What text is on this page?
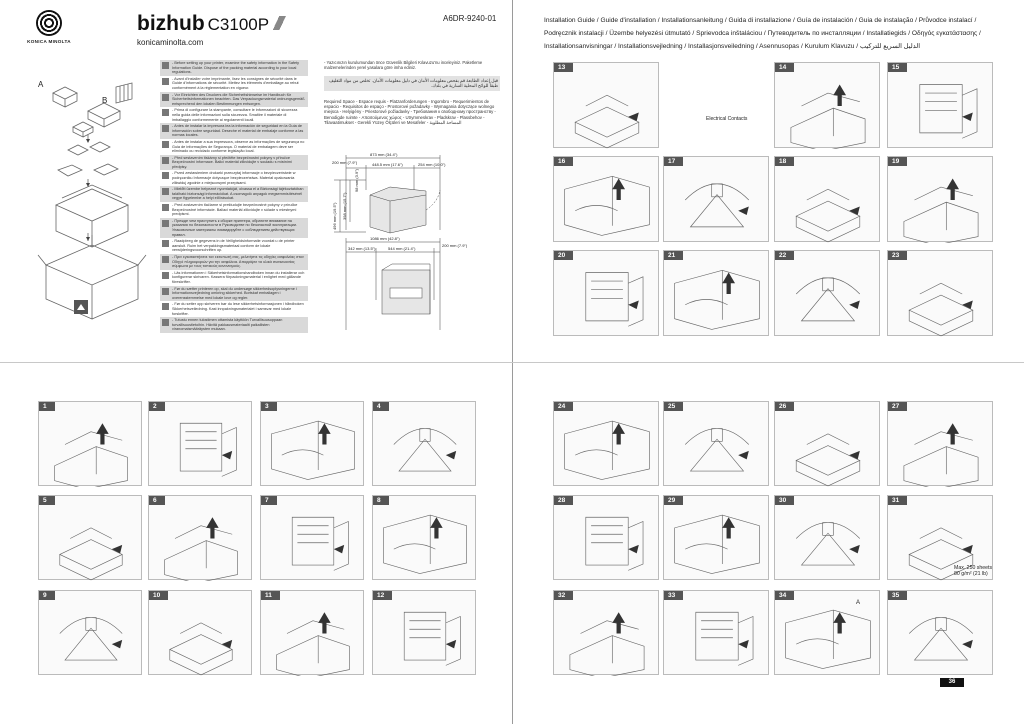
KONICA MINOLTA
bizhub C3100P
konicaminolta.com
A6DR-9240-01	Installation Guide / Guide d'installation / Installationsanleitung / Guida di installazione / Guía de instalación / Guia de instalação / Průvodce instalací /
Podręcznik instalacji / Üzembe helyezési útmutató / Sprievodca inštaláciou / Путеводитель по инсталляции / Installatiegids / Οδηγός εγκατάστασης /
Installationsanvisningar / Installationsvejledning / Installasjonsveiledning / Asennusopas / Kurulum Klavuzu / الدليل السريع للتركيب
A
B
- Before setting up your printer, examine the safety information in the Safety Information Guide. Dispose of the packing material according to your local regulations.
- Avant d'installer votre imprimante, lisez les consignes de sécurité dans le Guide d'informations de sécurité. Mettez les éléments d'emballage au rebut conformément à la réglementation en vigueur.
- Vor Einrichten des Druckers die Sicherheitshinweise im Handbuch für Sicherheitsinformationen beachten. Das Verpackungsmaterial ordnungsgemäß entsprechend den lokalen Bestimmungen entsorgen.
- Prima di configurare la stampante, consultare le informazioni di sicurezza nella guida delle informazioni sulla sicurezza. Smaltire il materiale di imballaggio conformemente ai regolamenti locali.
- Antes de instalar la impresora lea la información de seguridad en la Guía de información sobre seguridad. Deseche el material de embalaje conforme a las normas locales.
- Antes de instalar a sua impressora, observe as informações de segurança no Guia de informações de Segurança. O material de embalagem deve ser eliminado ou reciclado conforme legislação local.
- Před sestavením tiskárny si přečtěte bezpečnostní pokyny v příručce Bezpečnostní informace. Balicí materiál zlikvidujte v souladu s místními předpisy.
- Przed zestawieniem drukarki przeczytaj informacje o bezpieczeństwie w podręczniku Informacje dotyczące bezpieczeństwa. Materiał opakowania zlikwiduj zgodnie z miejscowymi przepisami.
- Mielőtt üzembe helyezné nyomtatóját, olvassa el a Biztonsági tájékoztatóban található biztonsági információkat. A csomagoló anyagok megsemmisítésénél vegye figyelembe a helyi előírásokat.
- Pred zostavením tlačiarne si preštudujte bezpečnostné pokyny v príručke Bezpečnostné informácie. Baliaci materiál zlikvidujte v súlade s miestnymi predpismi.
- Прежде чем приступить к сборке принтера, обратите внимание на указания по безопасности в Руководстве по безопасной эксплуатации. Упаковочные материалы ликвидируйте с соблюдением действующих правил.
- Raadpleeg de gegevens in de Veiligheidsinformatie voordat u de printer aansluit. Ruim het verpakkingsmateriaal conform de lokale verwijderingsvoorschriften op.
- Πριν εγκαταστήσετε τον εκτυπωτή σας, μελετήστε τις οδηγίες ασφαλείας στον Οδηγό πληροφοριών για την ασφάλεια. Απορρίψτε τα υλικά συσκευασίας σύμφωνα με τους τοπικούς κανονισμούς.
- Läs informationen i Säkerhetsinformationshandboken innan du installerar och konfigurerar skrivaren. Kassera förpackningsmaterial i enlighet med gällande föreskrifter.
- Før du sætter printeren op, skal du undersøge sikkerhedsoplysningerne i Informationsvejledning omkring sikkerhed. Bortskaf emballagen i overensstemmelse med lokale love og regler.
- Før du setter opp skriveren bør du lese sikkerhetsinformasjonen i håndboken Sikkerhetsveiledning. Kast innpakningsmaterialet i samsvar med lokale forskrifter.
- Tutustu ennen tulostimen ottamista käyttöön Turvallisuusoppaan turvallisuustietoihin. Hävitä pakkausmateriaalit paikallisten viranomaismääräysten mukaan.
- Yazıcınızın kurulumundan önce Güvenlik Bilgileri Kılavuzu'nu inceleyiniz. Paketleme malzemelerinden yerel yasalara göre imha ediniz.
قبل إعداد الطابعة قم بفحص معلومات الأمان في دليل معلومات الأمان. تخلص من مواد التغليف طبقاً للوائح المحلية السارية في بلدك.
Required Space - Espace requis - Platzanforderungen - Ingombro - Requerimientos de espacio - Requisitos de espaço - Prostorové požadavky - Wymagania dotyczące wolnego miejsca - Helyigény - Priestorové požiadavky - Требования к свободному пространству - Benodigde ruimte - Απαιτούμενος χώρος - Utrymmeskrav - Pladskrav - Plassbehov - Tilavaatimukset - Gerekli Yüzey Ölçüleri ve Mesafeler - المساحة المطلوبة
873 mm (34.4")
200 mm (7.9")	448.5 mm (17.6")	254 mm (10.0")
496 mm (19.5") 398 mm (15.7")
98 mm (3.9")
1086 mm (42.8")
342 mm (13.5")	544 mm (21.4")
200 mm (7.9")
13	14	15
16	17	18	19
20	21	22	23
1	2	3	4
5	6	7	8
9	10	11	12
24	25	26	27
28	29	30	31
32	33	34	35
Electrical Contacts
Max. 250 sheets
80 g/m² (21 lb)
A
36
